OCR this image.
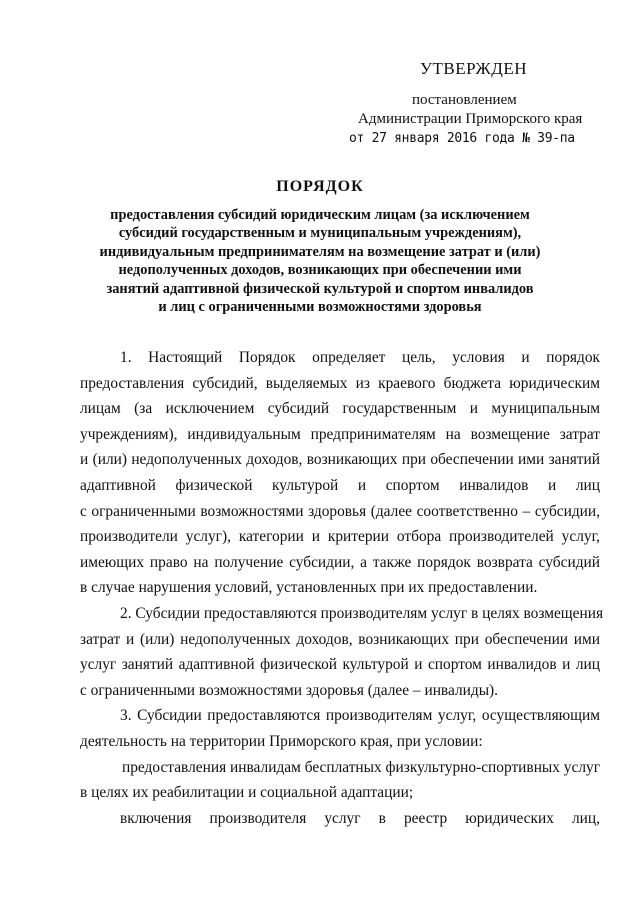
УТВЕРЖДЕН
постановлением
Администрации Приморского края
от 27 января 2016 года № 39-па
ПОРЯДОК
предоставления субсидий юридическим лицам (за исключением
субсидий государственным и муниципальным учреждениям),
индивидуальным предпринимателям на возмещение затрат и (или)
недополученных доходов, возникающих при обеспечении ими
занятий адаптивной физической культурой и спортом инвалидов
и лиц с ограниченными возможностями здоровья
1. Настоящий Порядок определяет цель, условия и порядок
предоставления субсидий, выделяемых из краевого бюджета юридическим
лицам (за исключением субсидий государственным и муниципальным
учреждениям), индивидуальным предпринимателям на возмещение затрат
и (или) недополученных доходов, возникающих при обеспечении ими занятий
адаптивной физической культурой и спортом инвалидов и лиц
с ограниченными возможностями здоровья (далее соответственно – субсидии,
производители услуг), категории и критерии отбора производителей услуг,
имеющих право на получение субсидии, а также порядок возврата субсидий
в случае нарушения условий, установленных при их предоставлении.
2. Субсидии предоставляются производителям услуг в целях возмещения
затрат и (или) недополученных доходов, возникающих при обеспечении ими
услуг занятий адаптивной физической культурой и спортом инвалидов и лиц
с ограниченными возможностями здоровья (далее – инвалиды).
3. Субсидии предоставляются производителям услуг, осуществляющим
деятельность на территории Приморского края, при условии:
предоставления инвалидам бесплатных физкультурно-спортивных услуг
в целях их реабилитации и социальной адаптации;
включения производителя услуг в реестр юридических лиц,
